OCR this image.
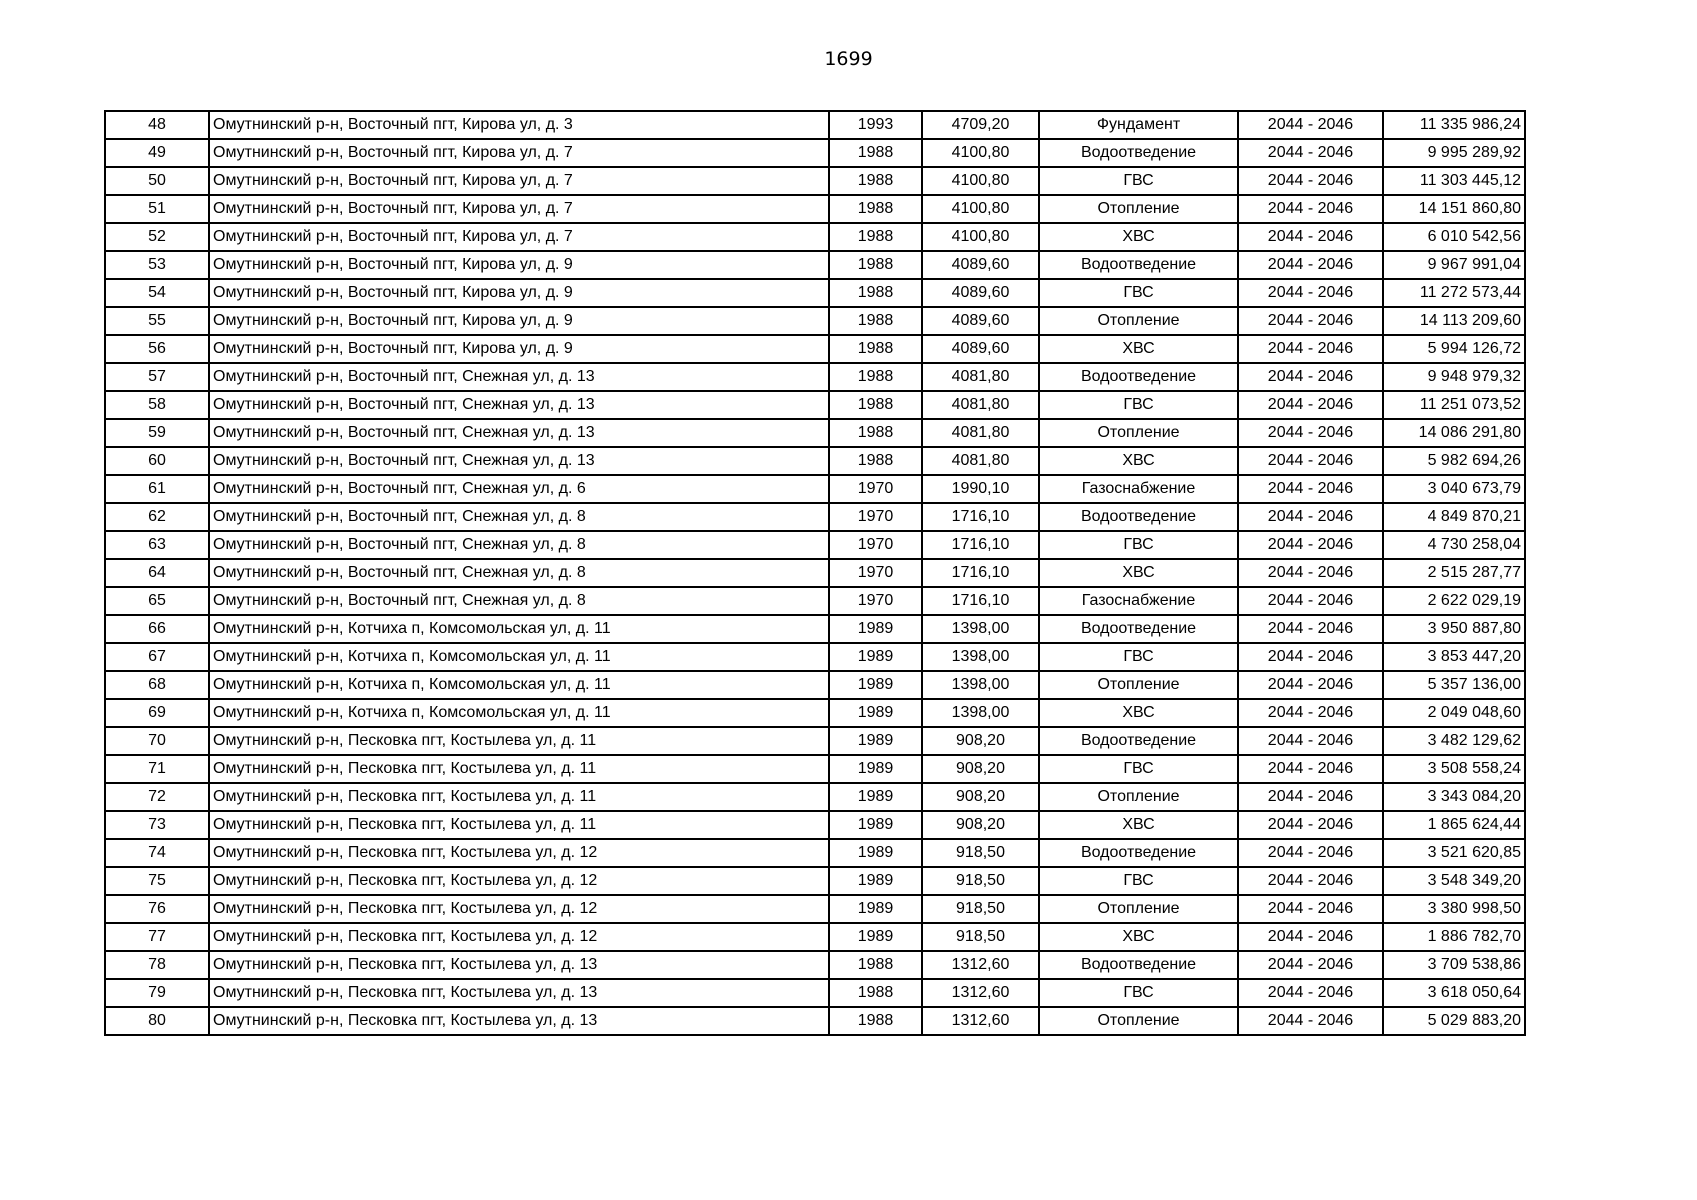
1699
48	Омутнинский р-н, Восточный пгт, Кирова ул, д. 3	1993	4709,20	Фундамент	2044 - 2046	11 335 986,24
49	Омутнинский р-н, Восточный пгт, Кирова ул, д. 7	1988	4100,80	Водоотведение	2044 - 2046	9 995 289,92
50	Омутнинский р-н, Восточный пгт, Кирова ул, д. 7	1988	4100,80	ГВС	2044 - 2046	11 303 445,12
51	Омутнинский р-н, Восточный пгт, Кирова ул, д. 7	1988	4100,80	Отопление	2044 - 2046	14 151 860,80
52	Омутнинский р-н, Восточный пгт, Кирова ул, д. 7	1988	4100,80	ХВС	2044 - 2046	6 010 542,56
53	Омутнинский р-н, Восточный пгт, Кирова ул, д. 9	1988	4089,60	Водоотведение	2044 - 2046	9 967 991,04
54	Омутнинский р-н, Восточный пгт, Кирова ул, д. 9	1988	4089,60	ГВС	2044 - 2046	11 272 573,44
55	Омутнинский р-н, Восточный пгт, Кирова ул, д. 9	1988	4089,60	Отопление	2044 - 2046	14 113 209,60
56	Омутнинский р-н, Восточный пгт, Кирова ул, д. 9	1988	4089,60	ХВС	2044 - 2046	5 994 126,72
57	Омутнинский р-н, Восточный пгт, Снежная ул, д. 13	1988	4081,80	Водоотведение	2044 - 2046	9 948 979,32
58	Омутнинский р-н, Восточный пгт, Снежная ул, д. 13	1988	4081,80	ГВС	2044 - 2046	11 251 073,52
59	Омутнинский р-н, Восточный пгт, Снежная ул, д. 13	1988	4081,80	Отопление	2044 - 2046	14 086 291,80
60	Омутнинский р-н, Восточный пгт, Снежная ул, д. 13	1988	4081,80	ХВС	2044 - 2046	5 982 694,26
61	Омутнинский р-н, Восточный пгт, Снежная ул, д. 6	1970	1990,10	Газоснабжение	2044 - 2046	3 040 673,79
62	Омутнинский р-н, Восточный пгт, Снежная ул, д. 8	1970	1716,10	Водоотведение	2044 - 2046	4 849 870,21
63	Омутнинский р-н, Восточный пгт, Снежная ул, д. 8	1970	1716,10	ГВС	2044 - 2046	4 730 258,04
64	Омутнинский р-н, Восточный пгт, Снежная ул, д. 8	1970	1716,10	ХВС	2044 - 2046	2 515 287,77
65	Омутнинский р-н, Восточный пгт, Снежная ул, д. 8	1970	1716,10	Газоснабжение	2044 - 2046	2 622 029,19
66	Омутнинский р-н, Котчиха п, Комсомольская ул, д. 11	1989	1398,00	Водоотведение	2044 - 2046	3 950 887,80
67	Омутнинский р-н, Котчиха п, Комсомольская ул, д. 11	1989	1398,00	ГВС	2044 - 2046	3 853 447,20
68	Омутнинский р-н, Котчиха п, Комсомольская ул, д. 11	1989	1398,00	Отопление	2044 - 2046	5 357 136,00
69	Омутнинский р-н, Котчиха п, Комсомольская ул, д. 11	1989	1398,00	ХВС	2044 - 2046	2 049 048,60
70	Омутнинский р-н, Песковка пгт, Костылева ул, д. 11	1989	908,20	Водоотведение	2044 - 2046	3 482 129,62
71	Омутнинский р-н, Песковка пгт, Костылева ул, д. 11	1989	908,20	ГВС	2044 - 2046	3 508 558,24
72	Омутнинский р-н, Песковка пгт, Костылева ул, д. 11	1989	908,20	Отопление	2044 - 2046	3 343 084,20
73	Омутнинский р-н, Песковка пгт, Костылева ул, д. 11	1989	908,20	ХВС	2044 - 2046	1 865 624,44
74	Омутнинский р-н, Песковка пгт, Костылева ул, д. 12	1989	918,50	Водоотведение	2044 - 2046	3 521 620,85
75	Омутнинский р-н, Песковка пгт, Костылева ул, д. 12	1989	918,50	ГВС	2044 - 2046	3 548 349,20
76	Омутнинский р-н, Песковка пгт, Костылева ул, д. 12	1989	918,50	Отопление	2044 - 2046	3 380 998,50
77	Омутнинский р-н, Песковка пгт, Костылева ул, д. 12	1989	918,50	ХВС	2044 - 2046	1 886 782,70
78	Омутнинский р-н, Песковка пгт, Костылева ул, д. 13	1988	1312,60	Водоотведение	2044 - 2046	3 709 538,86
79	Омутнинский р-н, Песковка пгт, Костылева ул, д. 13	1988	1312,60	ГВС	2044 - 2046	3 618 050,64
80	Омутнинский р-н, Песковка пгт, Костылева ул, д. 13	1988	1312,60	Отопление	2044 - 2046	5 029 883,20
